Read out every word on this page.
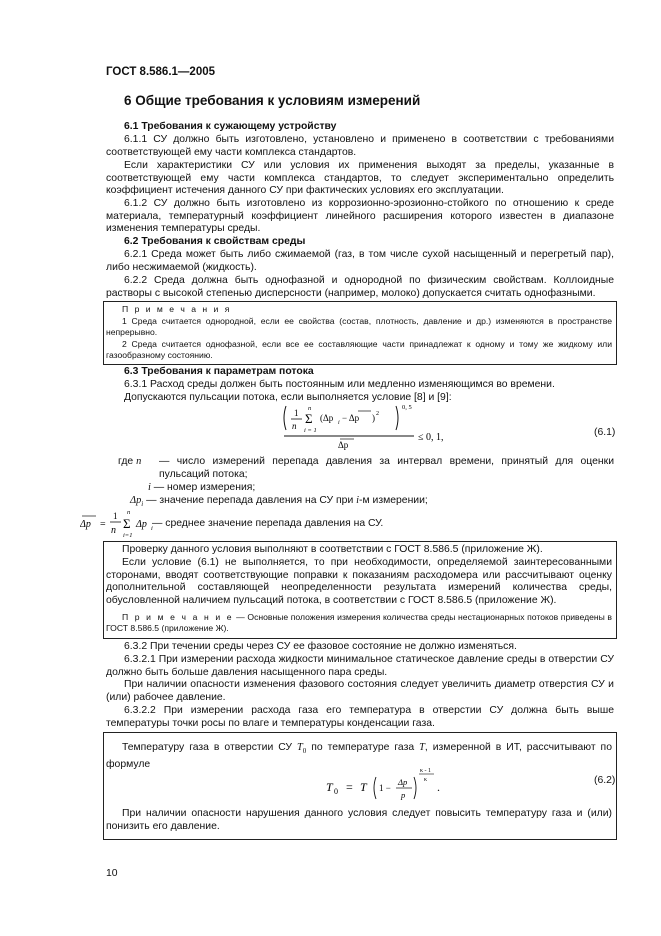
ГОСТ 8.586.1—2005
6 Общие требования к условиям измерений
6.1 Требования к сужающему устройству
6.1.1 СУ должно быть изготовлено, установлено и применено в соответствии с требованиями соответствующей ему части комплекса стандартов.
Если характеристики СУ или условия их применения выходят за пределы, указанные в соответствующей ему части комплекса стандартов, то следует экспериментально определить коэффициент истечения данного СУ при фактических условиях его эксплуатации.
6.1.2 СУ должно быть изготовлено из коррозионно-эрозионно-стойкого по отношению к среде материала, температурный коэффициент линейного расширения которого известен в диапазоне изменения температуры среды.
6.2 Требования к свойствам среды
6.2.1 Среда может быть либо сжимаемой (газ, в том числе сухой насыщенный и перегретый пар), либо несжимаемой (жидкость).
6.2.2 Среда должна быть однофазной и однородной по физическим свойствам. Коллоидные растворы с высокой степенью дисперсности (например, молоко) допускается считать однофазными.
П р и м е ч а н и я
1 Среда считается однородной, если ее свойства (состав, плотность, давление и др.) изменяются в пространстве непрерывно.
2 Среда считается однофазной, если все ее составляющие части принадлежат к одному и тому же жидкому или газообразному состоянию.
6.3 Требования к параметрам потока
6.3.1 Расход среды должен быть постоянным или медленно изменяющимся во времени.
Допускаются пульсации потока, если выполняется условие [8] и [9]:
1
n
n
Σ
i = 1
(Δp i − Δp ) 2
0, 5
Δp
≤ 0, 1,	(6.1)
где n	— число измерений перепада давления за интервал времени, принятый для оценки пульсаций потока;
i — номер измерения;
$\Delta p_i$ — значение перепада давления на СУ при i-м измерении;
Δp =
1
n
n
Σ
i=1
Δp i — среднее значение перепада давления на СУ.
Проверку данного условия выполняют в соответствии с ГОСТ 8.586.5 (приложение Ж).
Если условие (6.1) не выполняется, то при необходимости, определяемой заинтересованными сторонами, вводят соответствующие поправки к показаниям расходомера или рассчитывают оценку дополнительной составляющей неопределенности результата измерений количества среды, обусловленной наличием пульсаций потока, в соответствии с ГОСТ 8.586.5 (приложение Ж).
П р и м е ч а н и е — Основные положения измерения количества среды нестационарных потоков приведены в ГОСТ 8.586.5 (приложение Ж).
6.3.2 При течении среды через СУ ее фазовое состояние не должно изменяться.
6.3.2.1 При измерении расхода жидкости минимальное статическое давление среды в отверстии СУ должно быть больше давления насыщенного пара среды.
При наличии опасности изменения фазового состояния следует увеличить диаметр отверстия СУ и (или) рабочее давление.
6.3.2.2 При измерении расхода газа его температура в отверстии СУ должна быть выше температуры точки росы по влаге и температуры конденсации газа.
Температуру газа в отверстии СУ $T_0$ по температуре газа T, измеренной в ИТ, рассчитывают по формуле
T 0 = T 1 −
Δp
p
κ - 1
κ .	(6.2)
При наличии опасности нарушения данного условия следует повысить температуру газа и (или) понизить его давление.
10
